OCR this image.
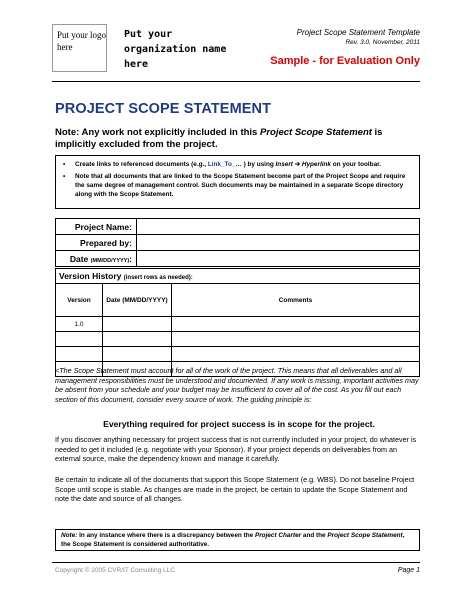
Put your logo here
Put your organization name here
Project Scope Statement Template
Rev. 3.0, November, 2011
Sample - for Evaluation Only
PROJECT SCOPE STATEMENT
Note: Any work not explicitly included in this Project Scope Statement is implicitly excluded from the project.
• Create links to referenced documents (e.g., Link_To_… ) by using Insert ➔ Hyperlink on your toolbar.
• Note that all documents that are linked to the Scope Statement become part of the Project Scope and require the same degree of management control. Such documents may be maintained in a separate Scope directory along with the Scope Statement.
Project Name:	
Prepared by:	
Date (MM/DD/YYYY):	
Version History (insert rows as needed):		
Version	Date (MM/DD/YYYY)	Comments
1.0		

<The Scope Statement must account for all of the work of the project. This means that all deliverables and all management responsibilities must be understood and documented. If any work is missing, important activities may be absent from your schedule and your budget may be insufficient to cover all of the cost. As you fill out each section of this document, consider every source of work. The guiding principle is:
Everything required for project success is in scope for the project.
If you discover anything necessary for project success that is not currently included in your project, do whatever is needed to get it included (e.g. negotiate with your Sponsor). If your project depends on deliverables from an external source, make the dependency known and manage it carefully.
Be certain to indicate all of the documents that support this Scope Statement (e.g. WBS). Do not baseline Project Scope until scope is stable. As changes are made in the project, be certain to update the Scope Statement and note the date and source of all changes.
Note: In any instance where there is a discrepancy between the Project Charter and the Project Scope Statement, the Scope Statement is considered authoritative.
Copyright © 2005 CVR/IT Consulting LLC	Page 1
